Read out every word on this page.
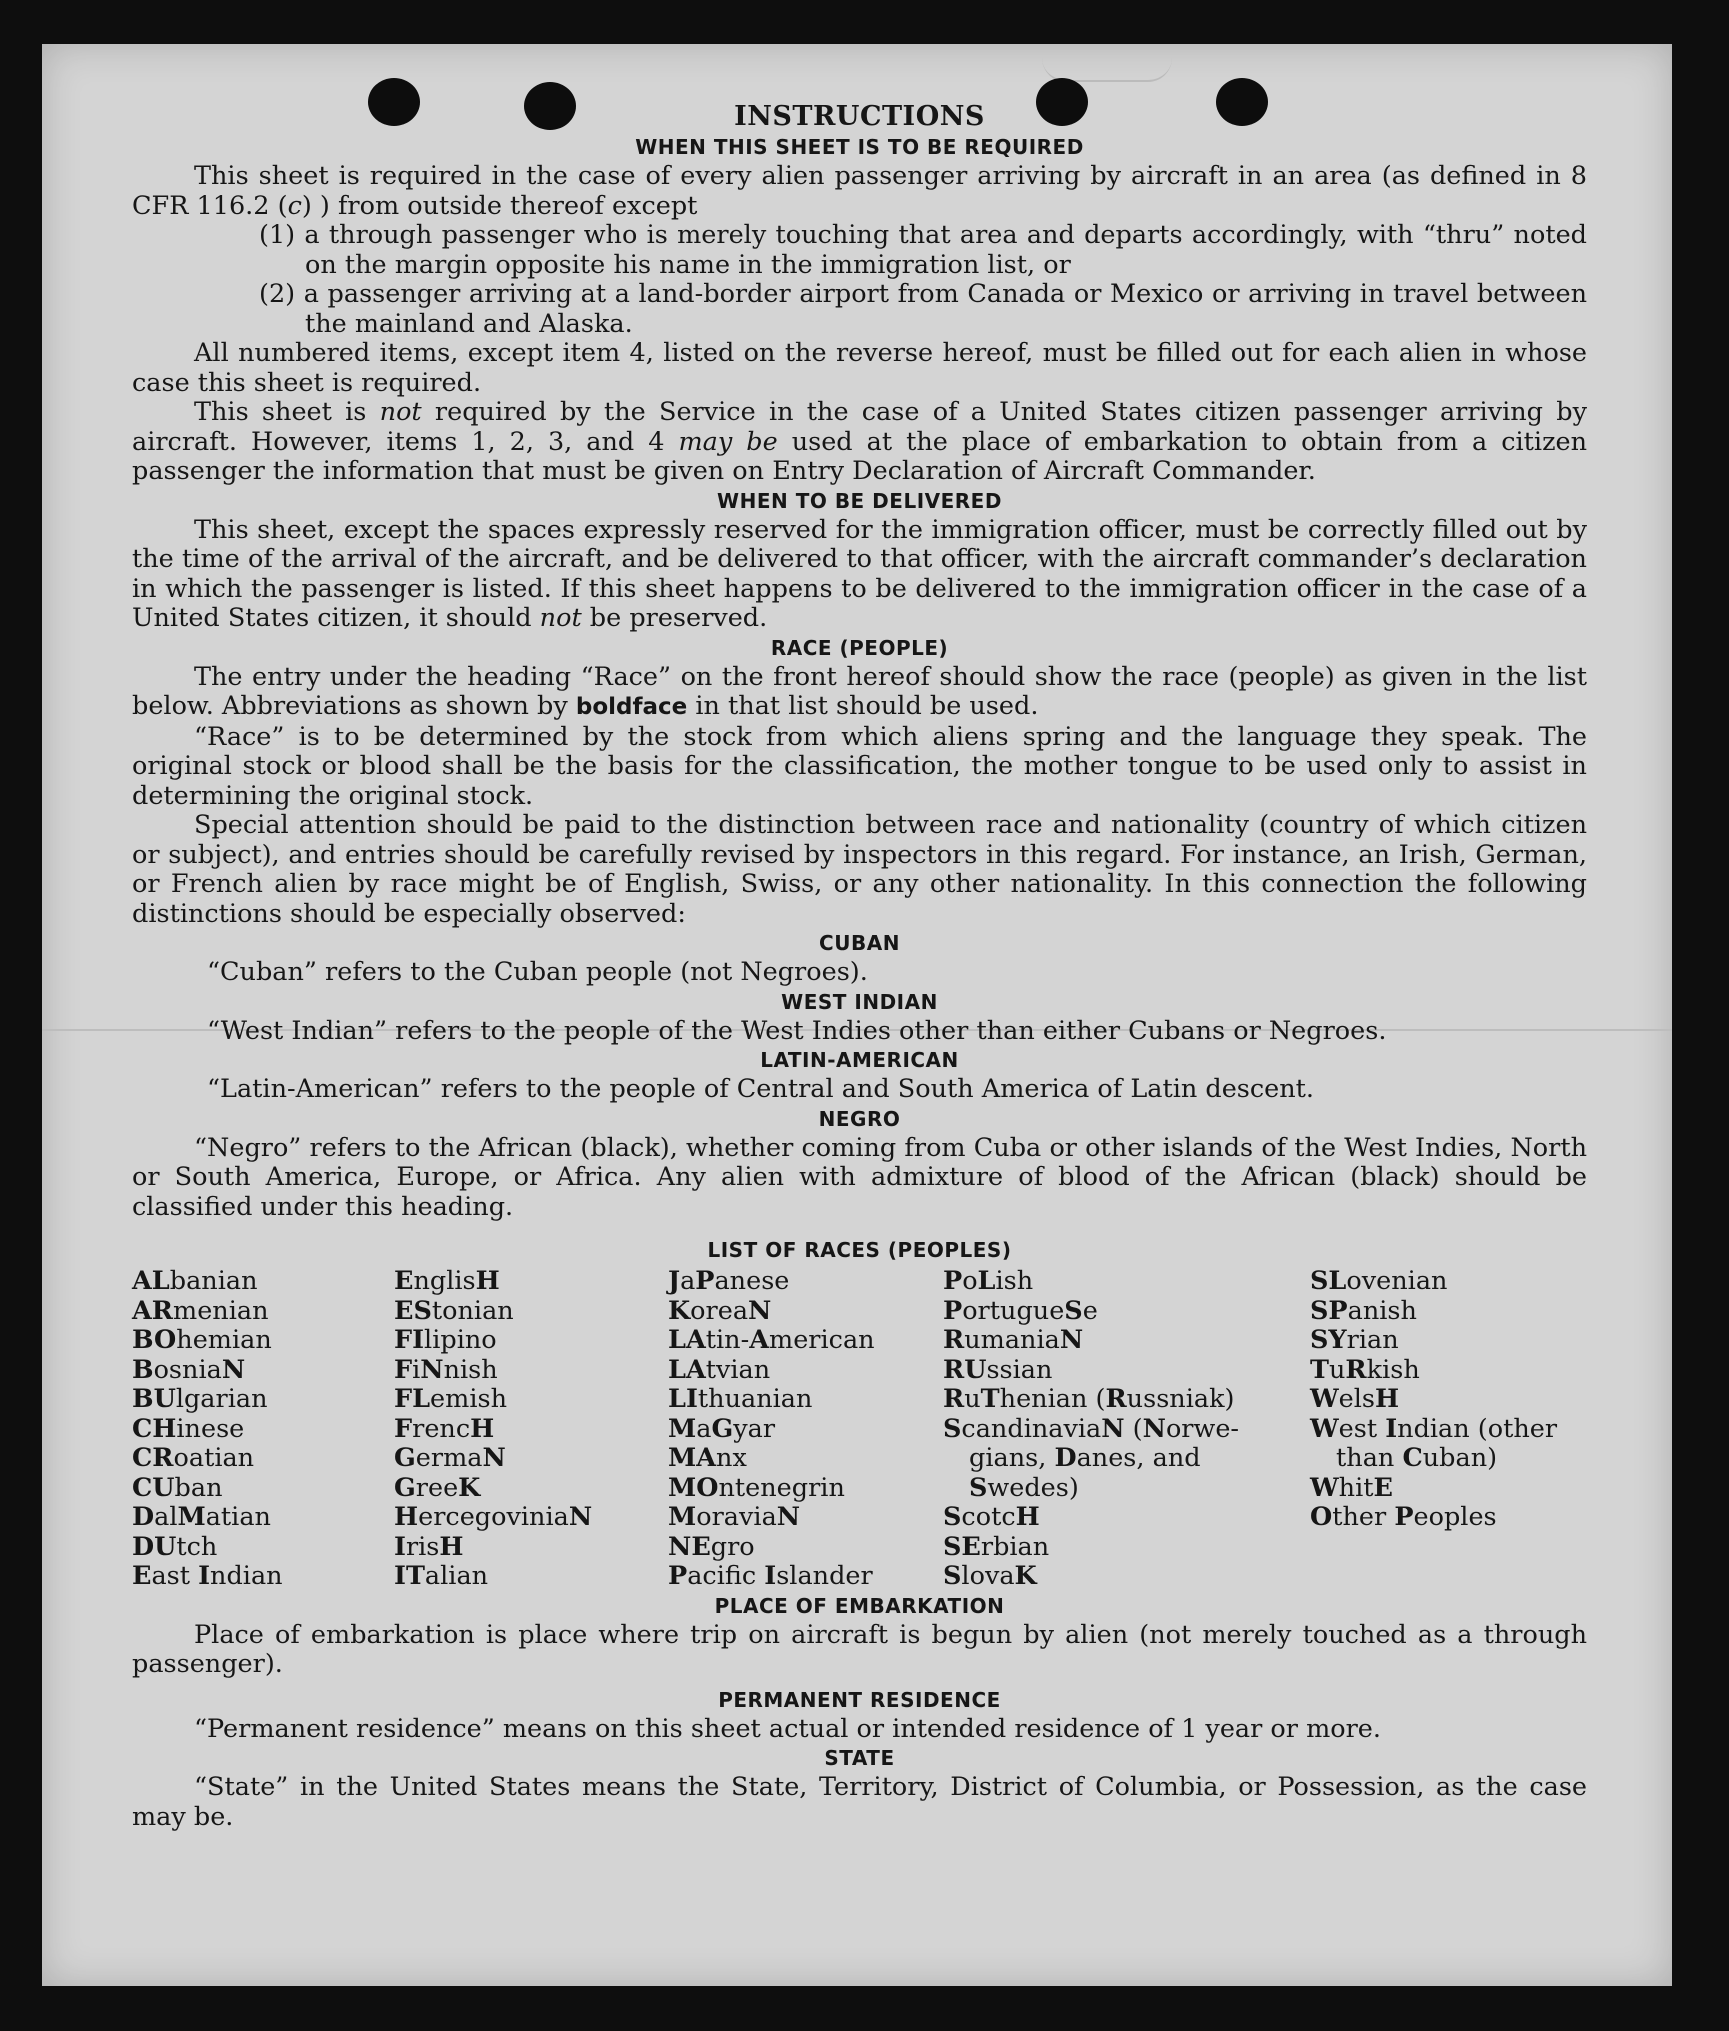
INSTRUCTIONS
WHEN THIS SHEET IS TO BE REQUIRED

This sheet is required in the case of every alien passenger arriving by aircraft in an area (as defined in 8 CFR 116.2 (c) ) from outside thereof except

(1) a through passenger who is merely touching that area and departs accordingly, with “thru” noted on the margin opposite his name in the immigration list, or

(2) a passenger arriving at a land-border airport from Canada or Mexico or arriving in travel between the mainland and Alaska.

All numbered items, except item 4, listed on the reverse hereof, must be filled out for each alien in whose case this sheet is required.

This sheet is not required by the Service in the case of a United States citizen passenger arriving by aircraft. However, items 1, 2, 3, and 4 may be used at the place of embarkation to obtain from a citizen passenger the information that must be given on Entry Declaration of Aircraft Commander.

WHEN TO BE DELIVERED

This sheet, except the spaces expressly reserved for the immigration officer, must be correctly filled out by the time of the arrival of the aircraft, and be delivered to that officer, with the aircraft commander’s declaration in which the passenger is listed. If this sheet happens to be delivered to the immigration officer in the case of a United States citizen, it should not be preserved.

RACE (PEOPLE)

The entry under the heading “Race” on the front hereof should show the race (people) as given in the list below. Abbreviations as shown by boldface in that list should be used.

“Race” is to be determined by the stock from which aliens spring and the language they speak. The original stock or blood shall be the basis for the classification, the mother tongue to be used only to assist in determining the original stock.

Special attention should be paid to the distinction between race and nationality (country of which citizen or subject), and entries should be carefully revised by inspectors in this regard. For instance, an Irish, German, or French alien by race might be of English, Swiss, or any other nationality. In this connection the following distinctions should be especially observed:

CUBAN

“Cuban” refers to the Cuban people (not Negroes).

WEST INDIAN

“West Indian” refers to the people of the West Indies other than either Cubans or Negroes.

LATIN-AMERICAN

“Latin-American” refers to the people of Central and South America of Latin descent.

NEGRO

“Negro” refers to the African (black), whether coming from Cuba or other islands of the West Indies, North or South America, Europe, or Africa. Any alien with admixture of blood of the African (black) should be classified under this heading.

LIST OF RACES (PEOPLES)
ALbanian
ARmenian
BOhemian
BosniaN
BUlgarian
CHinese
CRoatian
CUban
DalMatian
DUtch
East Indian
EnglisH
EStonian
FIlipino
FiNnish
FLemish
FrencH
GermaN
GreeK
HercegoviniaN
IrisH
ITalian
JaPanese
KoreaN
LAtin-American
LAtvian
LIthuanian
MaGyar
MAnx
MOntenegrin
MoraviaN
NEgro
Pacifc Islander
PoLish
PortugueSe
RumaniaN
RUssian
RuThenian (Russniak)
ScandinaviaN (Norwe-
gians, Danes, and
Swedes)
ScotcH
SErbian
SlovaK
SLovenian
SPanish
SYrian
TuRkish
WelsH
West Indian (other
than Cuban)
WhitE
Other Peoples
PLACE OF EMBARKATION

Place of embarkation is place where trip on aircraft is begun by alien (not merely touched as a through passenger).

PERMANENT RESIDENCE

“Permanent residence” means on this sheet actual or intended residence of 1 year or more.

STATE

“State” in the United States means the State, Territory, District of Columbia, or Possession, as the case may be.
